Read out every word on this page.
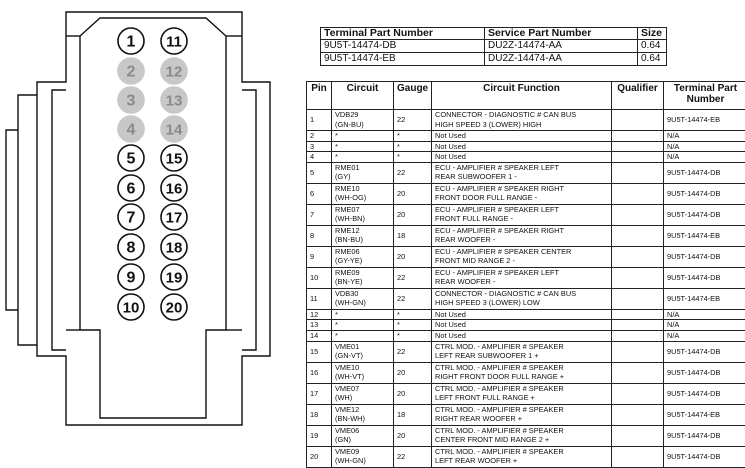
1
2
3
4
5
6
7
8
9
10
11
12
13
14
15
16
17
18
19
20
Terminal Part Number	Service Part Number	Size
9U5T-14474-DB	DU2Z-14474-AA	0.64
9U5T-14474-EB	DU2Z-14474-AA	0.64
Pin	Circuit	Gauge	Circuit Function	Qualifier	Terminal Part
Number
1	VDB29
(GN-BU)	22	CONNECTOR - DIAGNOSTIC # CAN BUS
HIGH SPEED 3 (LOWER) HIGH		9U5T-14474-EB
2	*	*	Not Used		N/A
3	*	*	Not Used		N/A
4	*	*	Not Used		N/A
5	RME01
(GY)	22	ECU - AMPLIFIER # SPEAKER LEFT
REAR SUBWOOFER 1 -		9U5T-14474-DB
6	RME10
(WH-OG)	20	ECU - AMPLIFIER # SPEAKER RIGHT
FRONT DOOR FULL RANGE -		9U5T-14474-DB
7	RME07
(WH-BN)	20	ECU - AMPLIFIER # SPEAKER LEFT
FRONT FULL RANGE -		9U5T-14474-DB
8	RME12
(BN-BU)	18	ECU - AMPLIFIER # SPEAKER RIGHT
REAR WOOFER -		9U5T-14474-EB
9	RME06
(GY-YE)	20	ECU - AMPLIFIER # SPEAKER CENTER
FRONT MID RANGE 2 -		9U5T-14474-DB
10	RME09
(BN-YE)	22	ECU - AMPLIFIER # SPEAKER LEFT
REAR WOOFER -		9U5T-14474-DB
11	VDB30
(WH-GN)	22	CONNECTOR - DIAGNOSTIC # CAN BUS
HIGH SPEED 3 (LOWER) LOW		9U5T-14474-EB
12	*	*	Not Used		N/A
13	*	*	Not Used		N/A
14	*	*	Not Used		N/A
15	VME01
(GN-VT)	22	CTRL MOD. - AMPLIFIER # SPEAKER
LEFT REAR SUBWOOFER 1 +		9U5T-14474-DB
16	VME10
(WH-VT)	20	CTRL MOD. - AMPLIFIER # SPEAKER
RIGHT FRONT DOOR FULL RANGE +		9U5T-14474-DB
17	VME07
(WH)	20	CTRL MOD. - AMPLIFIER # SPEAKER
LEFT FRONT FULL RANGE +		9U5T-14474-DB
18	VME12
(BN-WH)	18	CTRL MOD. - AMPLIFIER # SPEAKER
RIGHT REAR WOOFER +		9U5T-14474-EB
19	VME06
(GN)	20	CTRL MOD. - AMPLIFIER # SPEAKER
CENTER FRONT MID RANGE 2 +		9U5T-14474-DB
20	VME09
(WH-GN)	22	CTRL MOD. - AMPLIFIER # SPEAKER
LEFT REAR WOOFER +		9U5T-14474-DB
